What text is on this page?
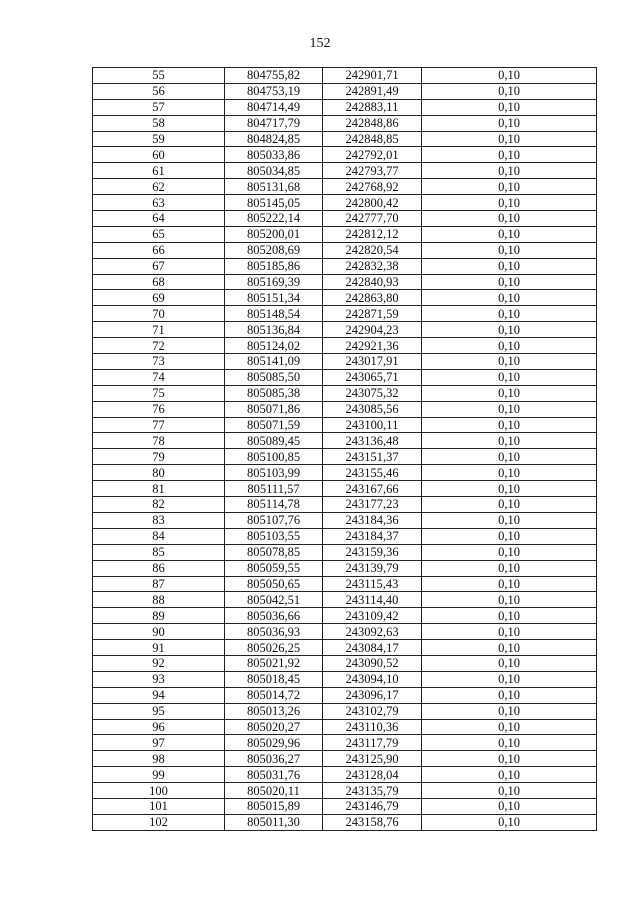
152
55	804755,82	242901,71	0,10
56	804753,19	242891,49	0,10
57	804714,49	242883,11	0,10
58	804717,79	242848,86	0,10
59	804824,85	242848,85	0,10
60	805033,86	242792,01	0,10
61	805034,85	242793,77	0,10
62	805131,68	242768,92	0,10
63	805145,05	242800,42	0,10
64	805222,14	242777,70	0,10
65	805200,01	242812,12	0,10
66	805208,69	242820,54	0,10
67	805185,86	242832,38	0,10
68	805169,39	242840,93	0,10
69	805151,34	242863,80	0,10
70	805148,54	242871,59	0,10
71	805136,84	242904,23	0,10
72	805124,02	242921,36	0,10
73	805141,09	243017,91	0,10
74	805085,50	243065,71	0,10
75	805085,38	243075,32	0,10
76	805071,86	243085,56	0,10
77	805071,59	243100,11	0,10
78	805089,45	243136,48	0,10
79	805100,85	243151,37	0,10
80	805103,99	243155,46	0,10
81	805111,57	243167,66	0,10
82	805114,78	243177,23	0,10
83	805107,76	243184,36	0,10
84	805103,55	243184,37	0,10
85	805078,85	243159,36	0,10
86	805059,55	243139,79	0,10
87	805050,65	243115,43	0,10
88	805042,51	243114,40	0,10
89	805036,66	243109,42	0,10
90	805036,93	243092,63	0,10
91	805026,25	243084,17	0,10
92	805021,92	243090,52	0,10
93	805018,45	243094,10	0,10
94	805014,72	243096,17	0,10
95	805013,26	243102,79	0,10
96	805020,27	243110,36	0,10
97	805029,96	243117,79	0,10
98	805036,27	243125,90	0,10
99	805031,76	243128,04	0,10
100	805020,11	243135,79	0,10
101	805015,89	243146,79	0,10
102	805011,30	243158,76	0,10
